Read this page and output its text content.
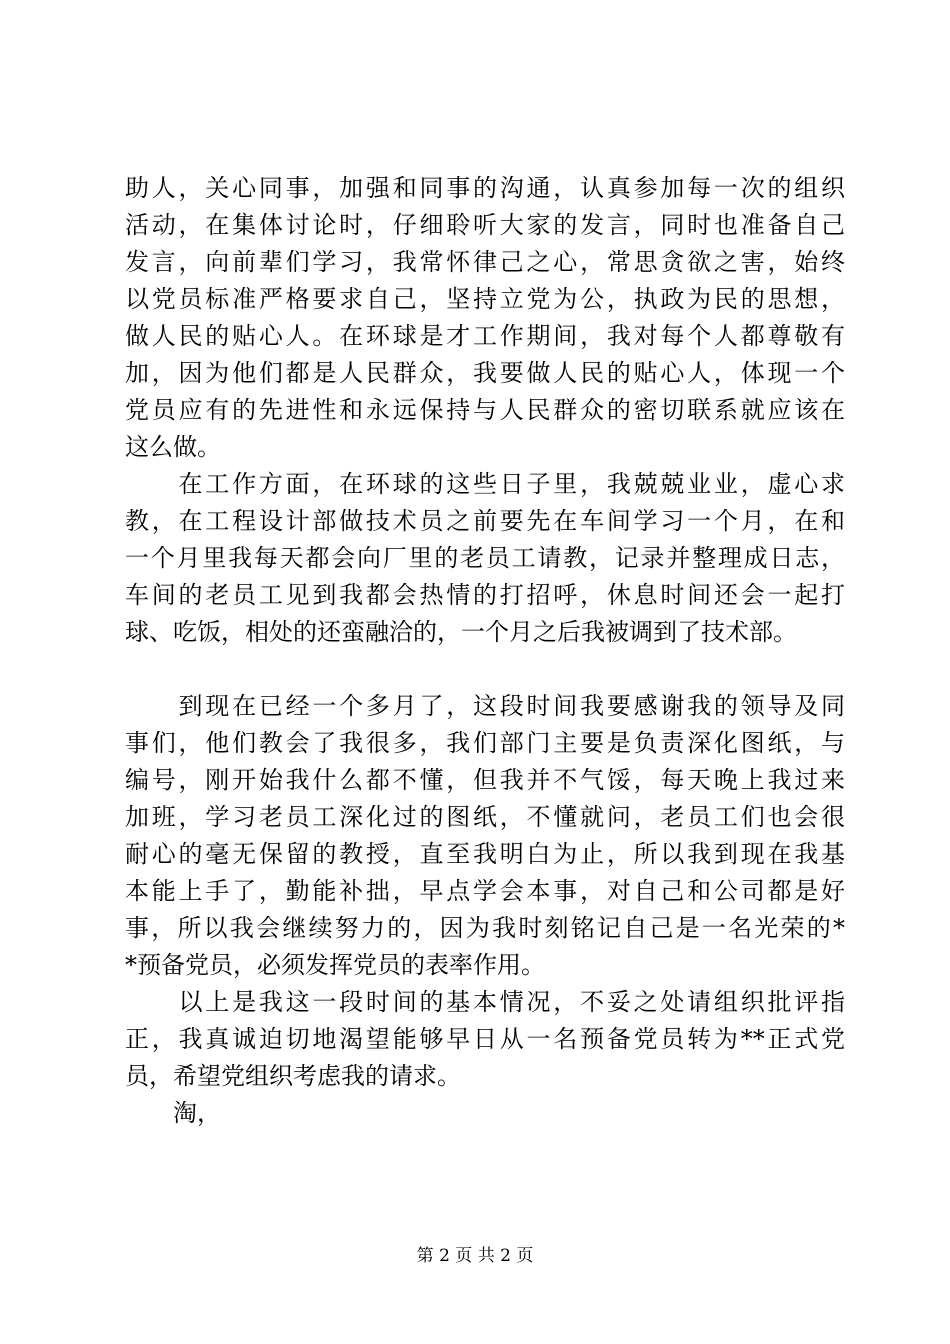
助人，关心同事，加强和同事的沟通，认真参加每一次的组织
活动，在集体讨论时，仔细聆听大家的发言，同时也准备自己
发言，向前辈们学习，我常怀律己之心，常思贪欲之害，始终
以党员标准严格要求自己，坚持立党为公，执政为民的思想，
做人民的贴心人。在环球是才工作期间，我对每个人都尊敬有
加，因为他们都是人民群众，我要做人民的贴心人，体现一个
党员应有的先进性和永远保持与人民群众的密切联系就应该在
这么做。
　　在工作方面，在环球的这些日子里，我兢兢业业，虚心求
教，在工程设计部做技术员之前要先在车间学习一个月，在和
一个月里我每天都会向厂里的老员工请教，记录并整理成日志，
车间的老员工见到我都会热情的打招呼，休息时间还会一起打
球、吃饭，相处的还蛮融洽的，一个月之后我被调到了技术部。
　　到现在已经一个多月了，这段时间我要感谢我的领导及同
事们，他们教会了我很多，我们部门主要是负责深化图纸，与
编号，刚开始我什么都不懂，但我并不气馁，每天晚上我过来
加班，学习老员工深化过的图纸，不懂就问，老员工们也会很
耐心的毫无保留的教授，直至我明白为止，所以我到现在我基
本能上手了，勤能补拙，早点学会本事，对自己和公司都是好
事，所以我会继续努力的，因为我时刻铭记自己是一名光荣的*
*预备党员，必须发挥党员的表率作用。
　　以上是我这一段时间的基本情况，不妥之处请组织批评指
正，我真诚迫切地渴望能够早日从一名预备党员转为**正式党
员，希望党组织考虑我的请求。
　　淘，
第 2 页 共 2 页
